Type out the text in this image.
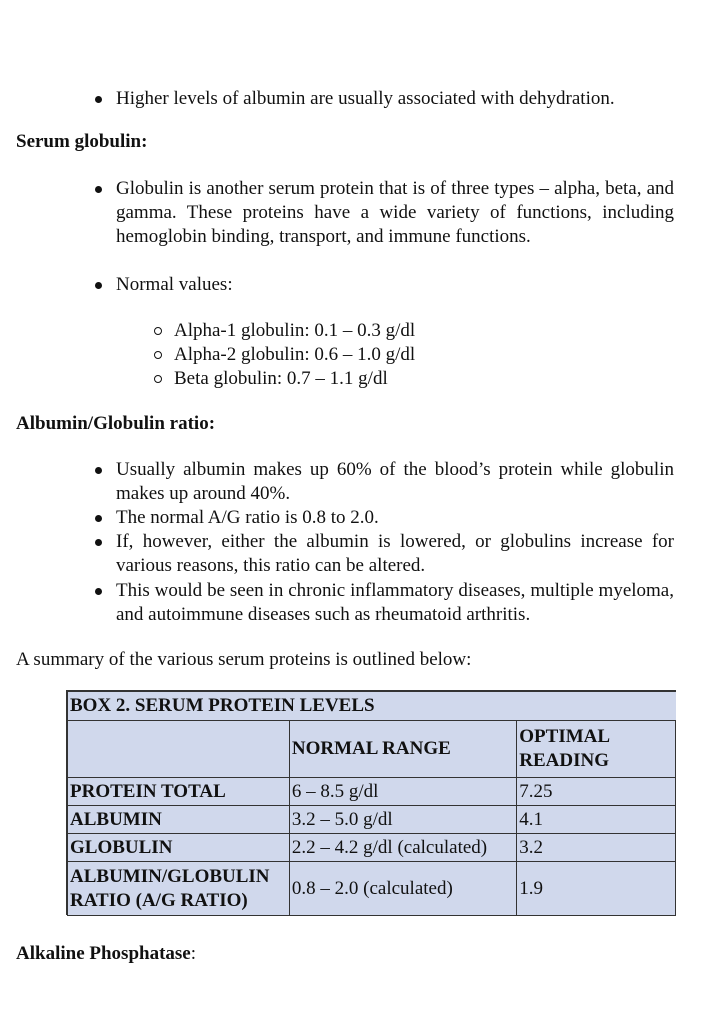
Higher levels of albumin are usually associated with dehydration.
Serum globulin:
Globulin is another serum protein that is of three types – alpha, beta, and gamma. These proteins have a wide variety of functions, including hemoglobin binding, transport, and immune functions.
Normal values:
Alpha-1 globulin: 0.1 – 0.3 g/dl
Alpha-2 globulin: 0.6 – 1.0 g/dl
Beta globulin: 0.7 – 1.1 g/dl
Albumin/Globulin ratio:
Usually albumin makes up 60% of the blood’s protein while globulin makes up around 40%.
The normal A/G ratio is 0.8 to 2.0.
If, however, either the albumin is lowered, or globulins increase for various reasons, this ratio can be altered.
This would be seen in chronic inflammatory diseases, multiple myeloma, and autoimmune diseases such as rheumatoid arthritis.
A summary of the various serum proteins is outlined below:
BOX 2. SERUM PROTEIN LEVELS		
	NORMAL RANGE	OPTIMAL READING
PROTEIN TOTAL	6 – 8.5 g/dl	7.25
ALBUMIN	3.2 – 5.0 g/dl	4.1
GLOBULIN	2.2 – 4.2 g/dl (calculated)	3.2
ALBUMIN/GLOBULIN RATIO (A/G RATIO)	0.8 – 2.0 (calculated)	1.9
Alkaline Phosphatase:
